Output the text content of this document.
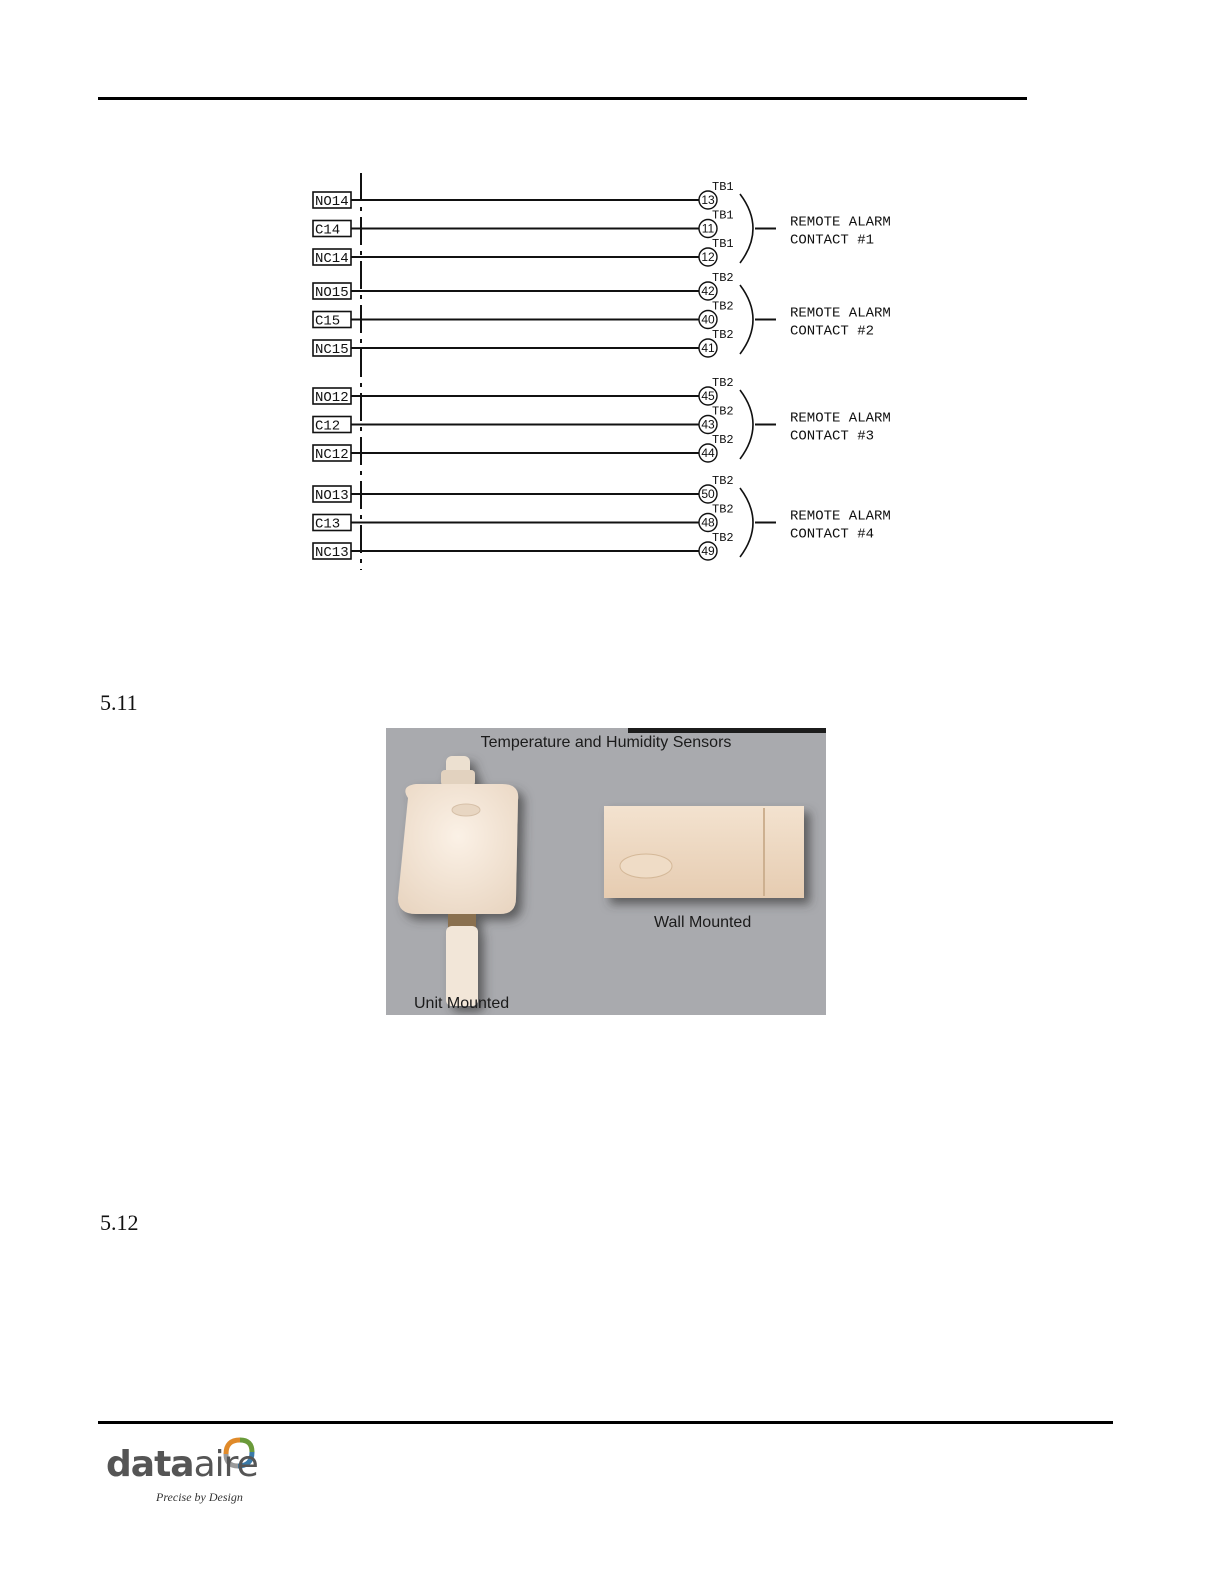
NO14	13
TB1
C14	11
TB1
NC14	12
TB1
REMOTE ALARM
CONTACT #1
NO15	42
TB2
C15	40
TB2
NC15	41
TB2
REMOTE ALARM
CONTACT #2
NO12	45
TB2
C12	43
TB2
NC12	44
TB2
REMOTE ALARM
CONTACT #3
NO13	50
TB2
C13	48
TB2
NC13	49
TB2
REMOTE ALARM
CONTACT #4
5.11
Temperature and Humidity Sensors
Wall Mounted
Unit Mounted
5.12
dataaire
Precise by Design
